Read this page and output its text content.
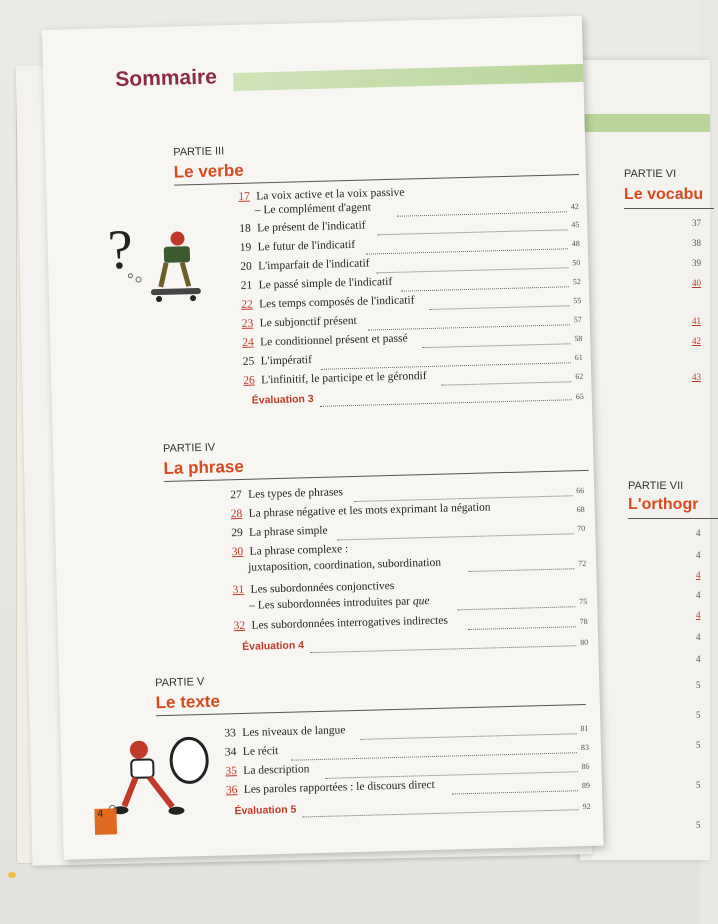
PARTIE VI
Le vocabu
37
38
39
40
41
42
43
PARTIE VII
L'orthogr
4
4
4
4
4
4
4
5
5
5
5
5
Sommaire
PARTIE III
Le verbe
?
17 La voix active et la voix passive
– Le complément d'agent	42
18 Le présent de l'indicatif	45
19 Le futur de l'indicatif	48
20 L'imparfait de l'indicatif	50
21 Le passé simple de l'indicatif	52
22 Les temps composés de l'indicatif	55
23 Le subjonctif présent	57
24 Le conditionnel présent et passé	58
25 L'impératif	61
26 L'infinitif, le participe et le gérondif	62
Évaluation 3	65
PARTIE IV
La phrase
27 Les types de phrases	66
28 La phrase négative et les mots exprimant la négation	68
29 La phrase simple	70
30 La phrase complexe :
juxtaposition, coordination, subordination	72
31 Les subordonnées conjonctives
– Les subordonnées introduites par que	75
32 Les subordonnées interrogatives indirectes	78
Évaluation 4	80
PARTIE V
Le texte
33 Les niveaux de langue	81
34 Le récit	83
35 La description	86
36 Les paroles rapportées : le discours direct	89
Évaluation 5	92
4
